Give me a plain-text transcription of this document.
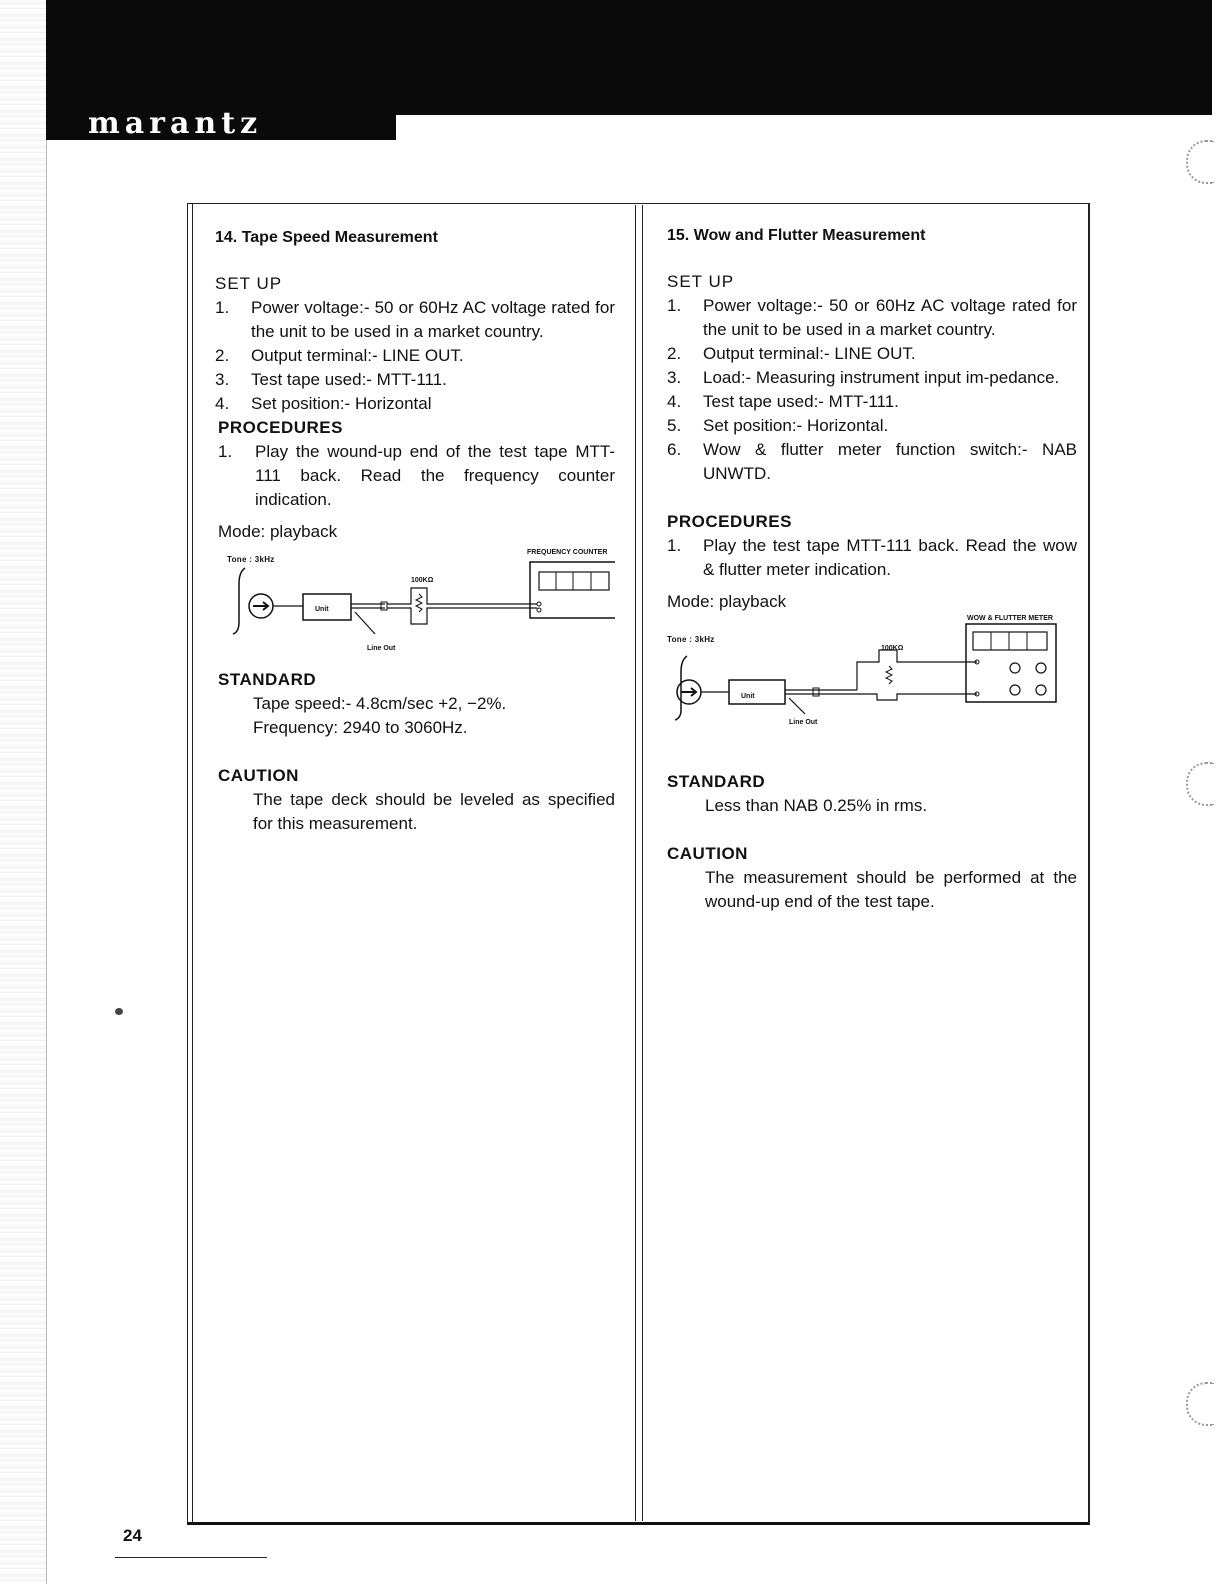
marantz

14. Tape Speed Measurement

SET UP

1.	Power voltage:- 50 or 60Hz AC voltage rated for the unit to be used in a market country.
2.	Output terminal:- LINE OUT.
3.	Test tape used:- MTT-111.
4.	Set position:- Horizontal

PROCEDURES

1.	Play the wound-up end of the test tape MTT-111 back. Read the frequency counter indication.

Mode: playback

Tone : 3kHz
FREQUENCY COUNTER
100KΩ
Line Out
Unit

STANDARD

Tape speed:- 4.8cm/sec +2, −2%.
Frequency: 2940 to 3060Hz.

CAUTION

The tape deck should be leveled as specified for this measurement.

15. Wow and Flutter Measurement

SET UP

1.	Power voltage:- 50 or 60Hz AC voltage rated for the unit to be used in a market country.
2.	Output terminal:- LINE OUT.
3.	Load:- Measuring instrument input im-pedance.
4.	Test tape used:- MTT-111.
5.	Set position:- Horizontal.
6.	Wow & flutter meter function switch:- NAB UNWTD.

PROCEDURES

1.	Play the test tape MTT-111 back. Read the wow & flutter meter indication.

Mode: playback

WOW & FLUTTER METER
Tone : 3kHz
100KΩ
Line Out
Unit

STANDARD

Less than NAB 0.25% in rms.

CAUTION

The measurement should be performed at the wound-up end of the test tape.
24
